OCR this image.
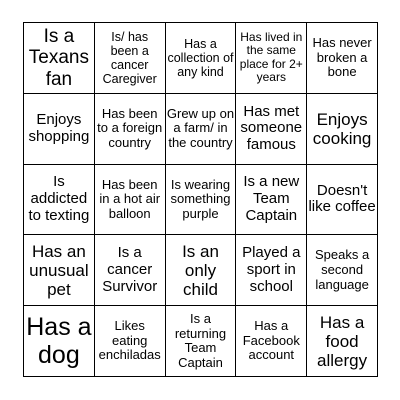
Is a Texans fan
Is/ has been a cancer Caregiver
Has a collection of any kind
Has lived in the same place for 2+ years
Has never broken a bone
Enjoys shopping
Has been to a foreign country
Grew up on a farm/ in the country
Has met someone famous
Enjoys cooking
Is addicted to texting
Has been in a hot air balloon
Is wearing something purple
Is a new Team Captain
Doesn't like coffee
Has an unusual pet
Is a cancer Survivor
Is an only child
Played a sport in school
Speaks a second language
Has a dog
Likes eating enchiladas
Is a returning Team Captain
Has a Facebook account
Has a food allergy
